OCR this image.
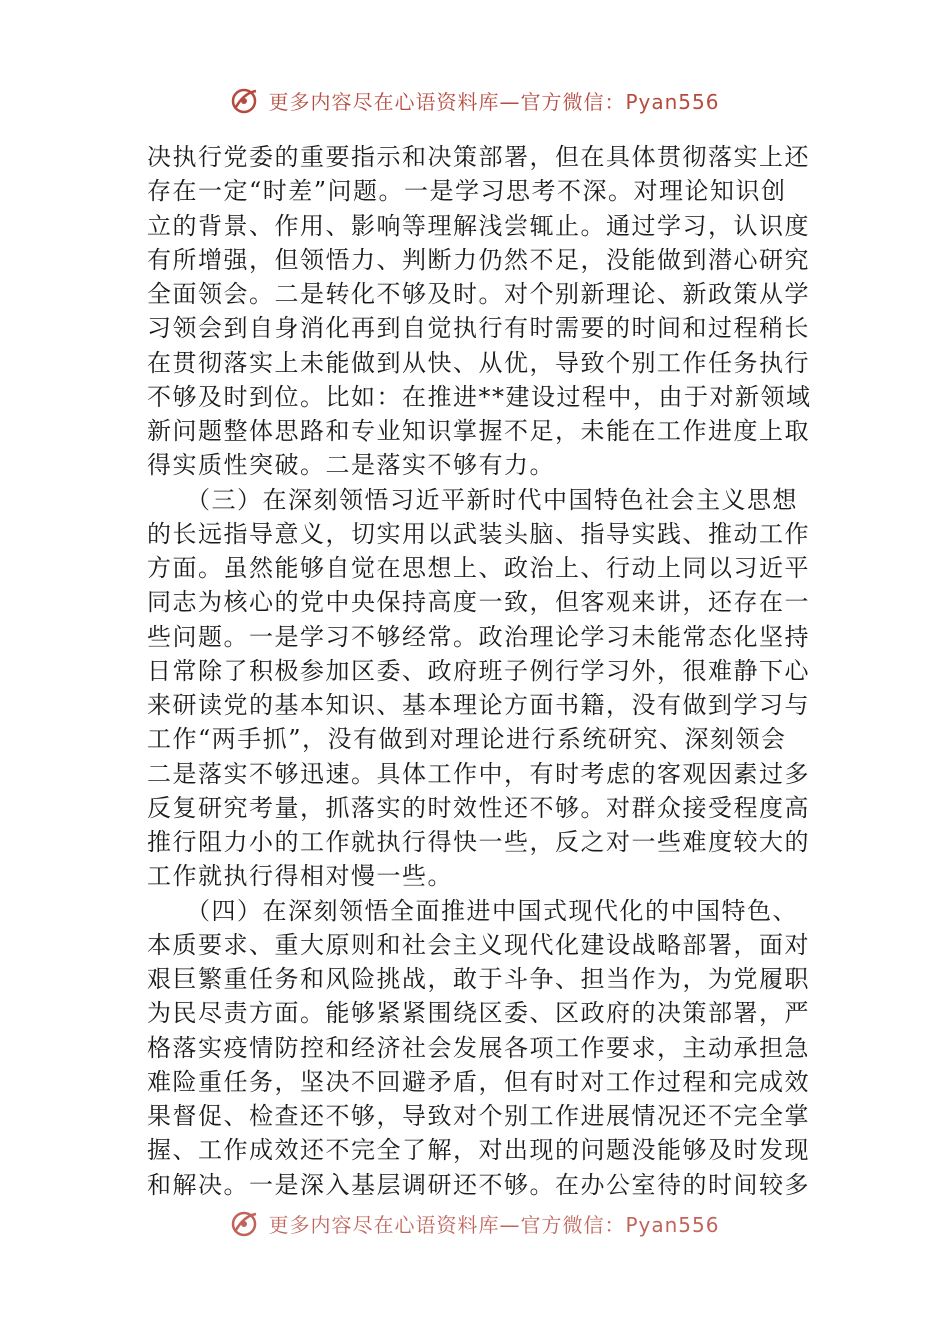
更多内容尽在心语资料库—官方微信：Pyan556
决执行党委的重要指示和决策部署，但在具体贯彻落实上还
存在一定“时差”问题。一是学习思考不深。对理论知识创
立的背景、作用、影响等理解浅尝辄止。通过学习，认识度
有所增强，但领悟力、判断力仍然不足，没能做到潜心研究
全面领会。二是转化不够及时。对个别新理论、新政策从学
习领会到自身消化再到自觉执行有时需要的时间和过程稍长
在贯彻落实上未能做到从快、从优，导致个别工作任务执行
不够及时到位。比如：在推进**建设过程中，由于对新领域
新问题整体思路和专业知识掌握不足，未能在工作进度上取
得实质性突破。二是落实不够有力。
　　（三）在深刻领悟习近平新时代中国特色社会主义思想
的长远指导意义，切实用以武装头脑、指导实践、推动工作
方面。虽然能够自觉在思想上、政治上、行动上同以习近平
同志为核心的党中央保持高度一致，但客观来讲，还存在一
些问题。一是学习不够经常。政治理论学习未能常态化坚持
日常除了积极参加区委、政府班子例行学习外，很难静下心
来研读党的基本知识、基本理论方面书籍，没有做到学习与
工作“两手抓”，没有做到对理论进行系统研究、深刻领会
二是落实不够迅速。具体工作中，有时考虑的客观因素过多
反复研究考量，抓落实的时效性还不够。对群众接受程度高
推行阻力小的工作就执行得快一些，反之对一些难度较大的
工作就执行得相对慢一些。
　　（四）在深刻领悟全面推进中国式现代化的中国特色、
本质要求、重大原则和社会主义现代化建设战略部署，面对
艰巨繁重任务和风险挑战，敢于斗争、担当作为，为党履职
为民尽责方面。能够紧紧围绕区委、区政府的决策部署，严
格落实疫情防控和经济社会发展各项工作要求，主动承担急
难险重任务，坚决不回避矛盾，但有时对工作过程和完成效
果督促、检查还不够，导致对个别工作进展情况还不完全掌
握、工作成效还不完全了解，对出现的问题没能够及时发现
和解决。一是深入基层调研还不够。在办公室待的时间较多
更多内容尽在心语资料库—官方微信：Pyan556
